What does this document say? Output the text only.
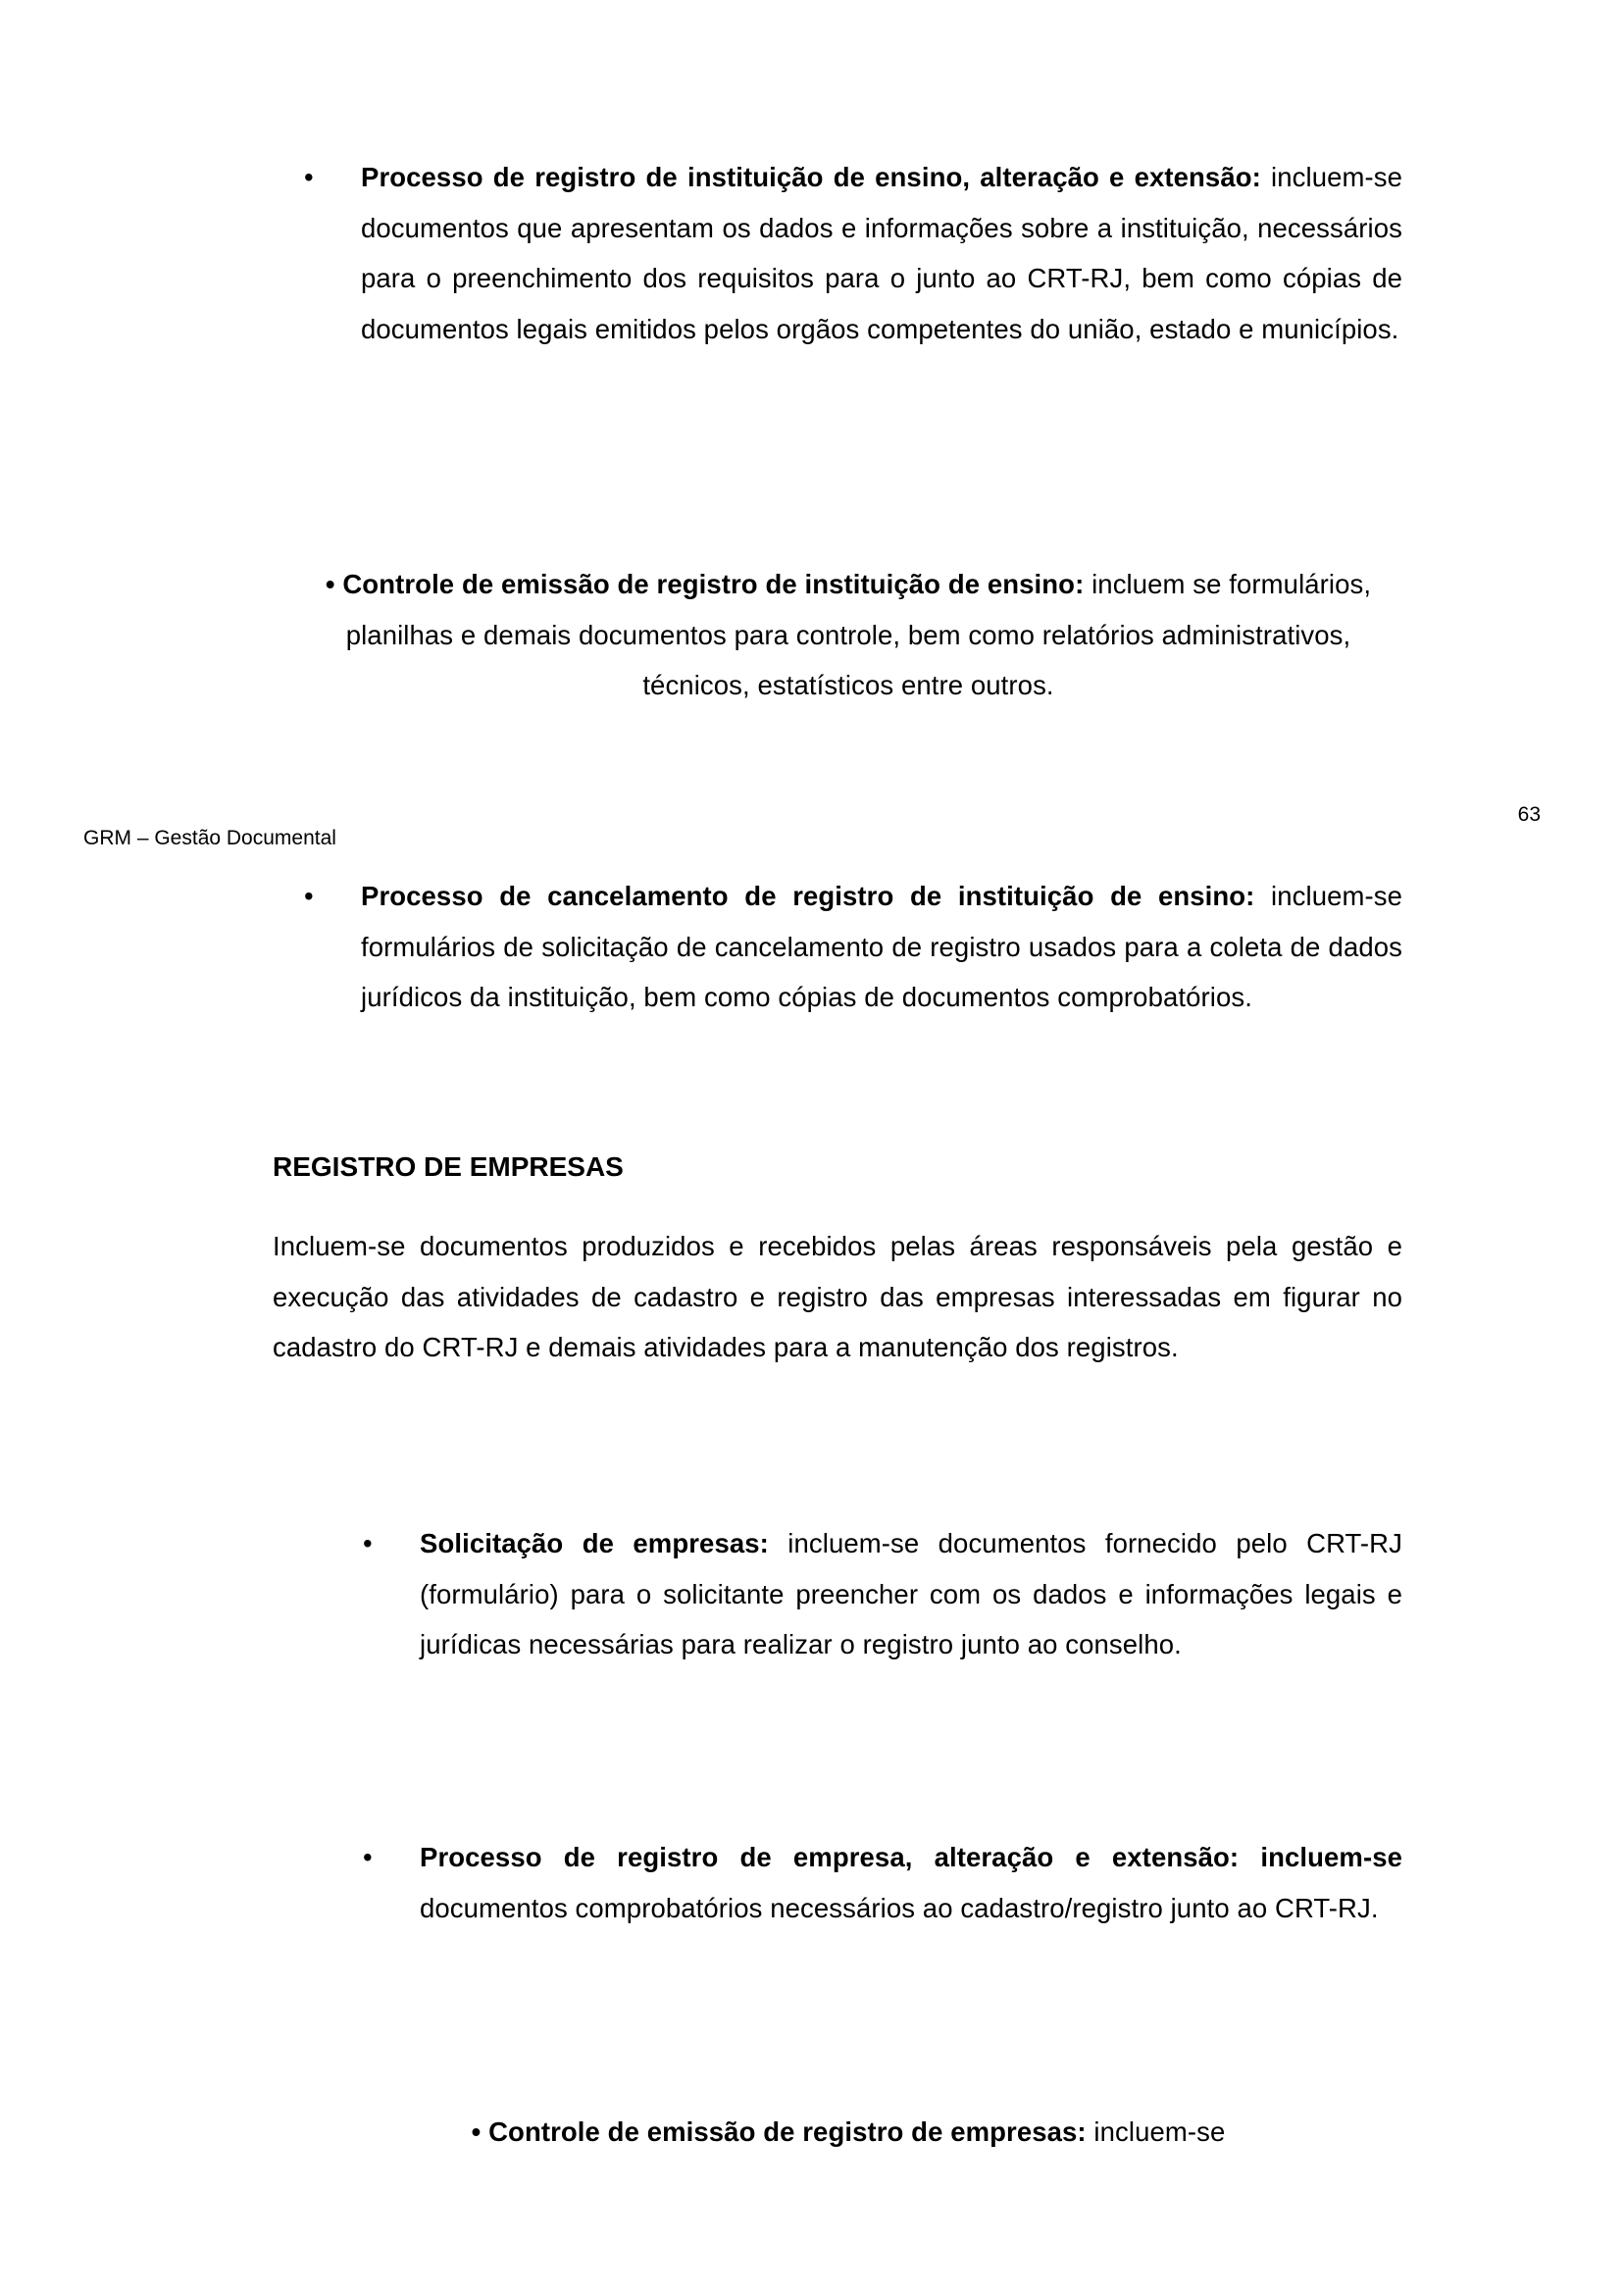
•	Processo de registro de instituição de ensino, alteração e extensão: incluem-se documentos que apresentam os dados e informações sobre a instituição, necessários para o preenchimento dos requisitos para o junto ao CRT-RJ, bem como cópias de documentos legais emitidos pelos orgãos competentes do união, estado e municípios.
• Controle de emissão de registro de instituição de ensino: incluem se formulários, planilhas e demais documentos para controle, bem como relatórios administrativos, técnicos, estatísticos entre outros.
GRM – Gestão Documental
63
•	Processo de cancelamento de registro de instituição de ensino: incluem-se formulários de solicitação de cancelamento de registro usados para a coleta de dados jurídicos da instituição, bem como cópias de documentos comprobatórios.
REGISTRO DE EMPRESAS
Incluem-se documentos produzidos e recebidos pelas áreas responsáveis pela gestão e execução das atividades de cadastro e registro das empresas interessadas em figurar no cadastro do CRT-RJ e demais atividades para a manutenção dos registros.
•	Solicitação de empresas: incluem-se documentos fornecido pelo CRT-RJ (formulário) para o solicitante preencher com os dados e informações legais e jurídicas necessárias para realizar o registro junto ao conselho.
•	Processo de registro de empresa, alteração e extensão: incluem-se documentos comprobatórios necessários ao cadastro/registro junto ao CRT-RJ.
• Controle de emissão de registro de empresas: incluem-se
